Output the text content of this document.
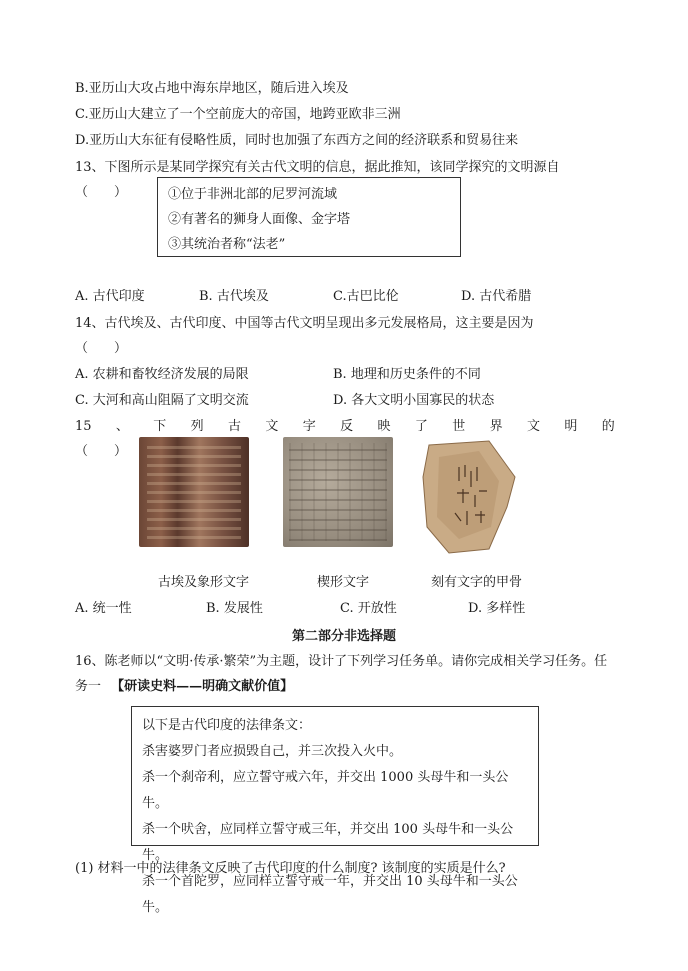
B.亚历山大攻占地中海东岸地区，随后进入埃及
C.亚历山大建立了一个空前庞大的帝国，地跨亚欧非三洲
D.亚历山大东征有侵略性质，同时也加强了东西方之间的经济联系和贸易往来
13、下图所示是某同学探究有关古代文明的信息，据此推知，该同学探究的文明源自
（　　）	①位于非洲北部的尼罗河流域
②有著名的狮身人面像、金字塔
③其统治者称“法老”
A. 古代印度	B. 古代埃及	C.古巴比伦	D. 古代希腊
14、古代埃及、古代印度、中国等古代文明呈现出多元发展格局，这主要是因为
（　　）
A. 农耕和畜牧经济发展的局限	B. 地理和历史条件的不同
C. 大河和高山阻隔了文明交流	D. 各大文明小国寡民的状态
15 、 下 列 古 文 字 反 映 了 世 界 文 明 的
（　　）
古埃及象形文字	楔形文字	刻有文字的甲骨
A. 统一性	B. 发展性	C. 开放性	D. 多样性
第二部分非选择题
16、陈老师以“文明·传承·繁荣”为主题，设计了下列学习任务单。请你完成相关学习任务。任
务一 【研读史料——明确文献价值】
以下是古代印度的法律条文：
杀害婆罗门者应损毁自己，并三次投入火中。
杀一个刹帝利，应立誓守戒六年，并交出 1000 头母牛和一头公牛。
杀一个吠舍，应同样立誓守戒三年，并交出 100 头母牛和一头公牛。
杀一个首陀罗，应同样立誓守戒一年，并交出 10 头母牛和一头公牛。
(1) 材料一中的法律条文反映了古代印度的什么制度? 该制度的实质是什么?
